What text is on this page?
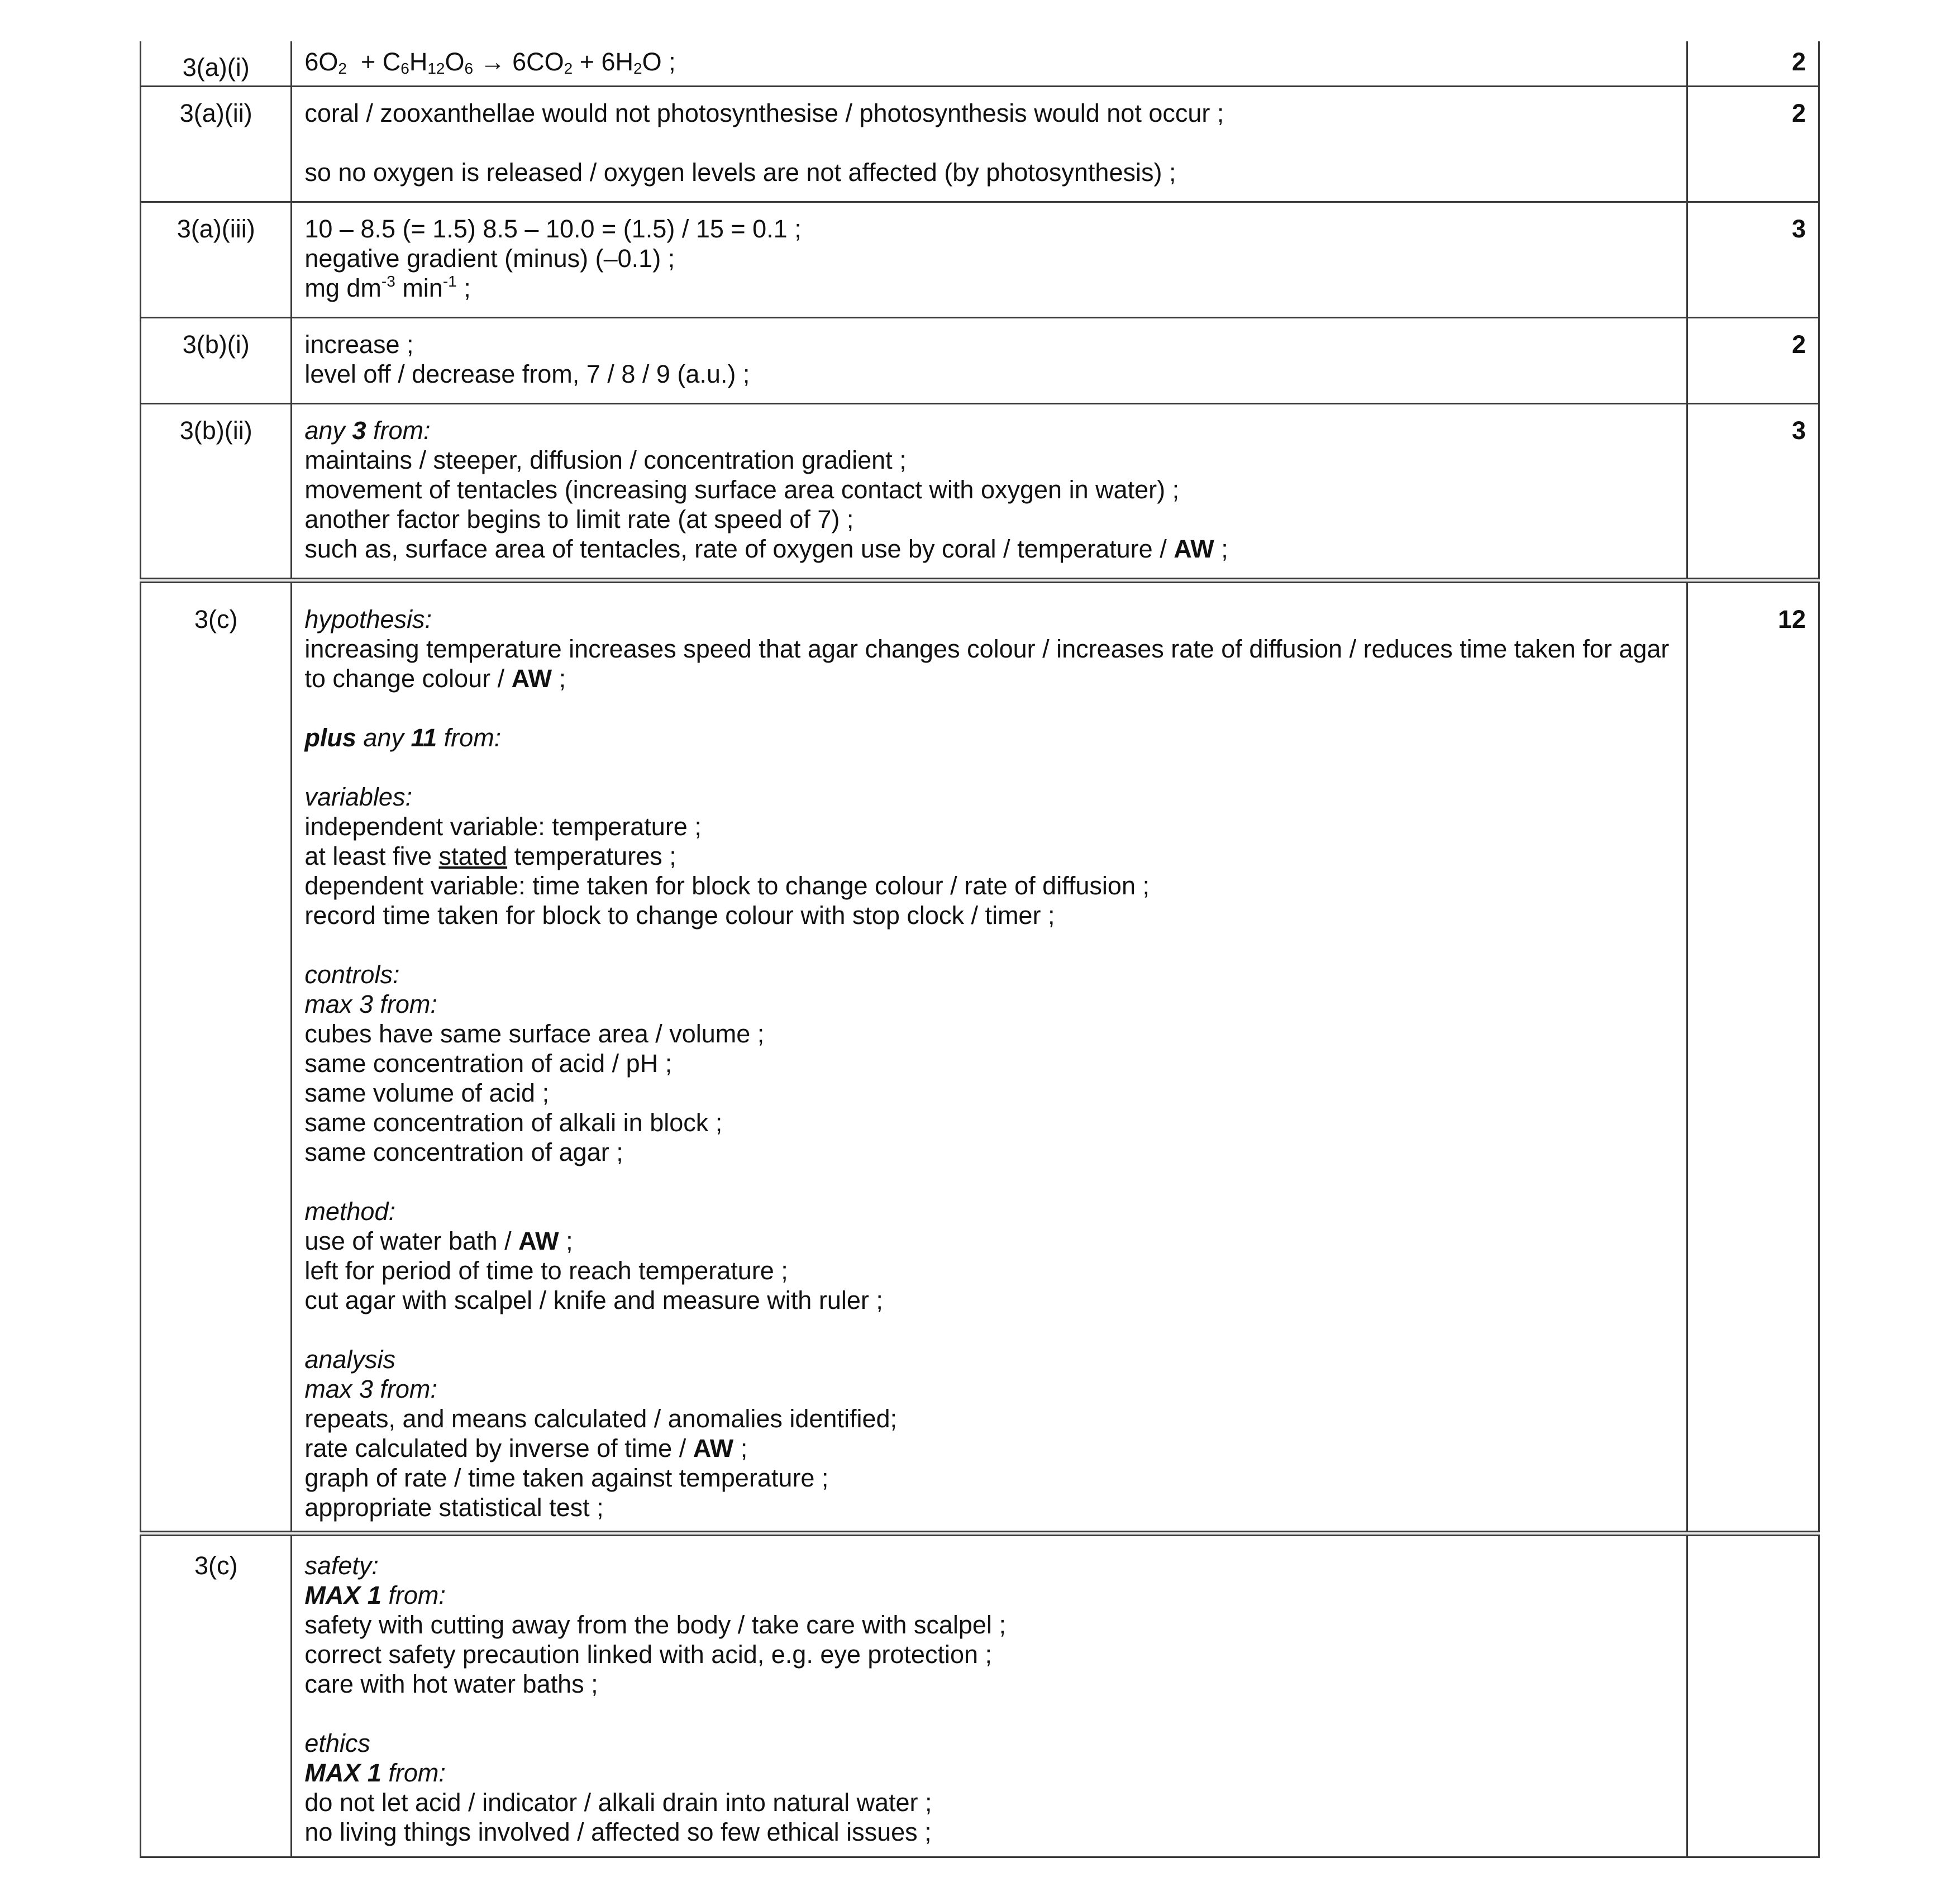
3(a)(i)	$6O_2 + C_6H_{12}O_6 \to 6CO_2 + 6H_2O$ ;	2
3(a)(ii)	coral / zooxanthellae would not photosynthesise / photosynthesis would not occur ;
so no oxygen is released / oxygen levels are not affected (by photosynthesis) ;	2
3(a)(iii)	10 – 8.5 (= 1.5) 8.5 – 10.0 = (1.5) / 15 = 0.1 ;
negative gradient (minus) (–0.1) ;
mg $dm^{-3}$ $\min^{-1}$ ;	3
3(b)(i)	increase ;
level off / decrease from, 7 / 8 / 9 (a.u.) ;	2
3(b)(ii)	any 3 from:
maintains / steeper, diffusion / concentration gradient ;
movement of tentacles (increasing surface area contact with oxygen in water) ;
another factor begins to limit rate (at speed of 7) ;
such as, surface area of tentacles, rate of oxygen use by coral / temperature / AW ;	3
3(c)	hypothesis:
increasing temperature increases speed that agar changes colour / increases rate of diffusion / reduces time taken for agar
to change colour / AW ;
plus any 11 from:
variables:
independent variable: temperature ;
at least five stated temperatures ;
dependent variable: time taken for block to change colour / rate of diffusion ;
record time taken for block to change colour with stop clock / timer ;
controls:
max 3 from:
cubes have same surface area / volume ;
same concentration of acid / pH ;
same volume of acid ;
same concentration of alkali in block ;
same concentration of agar ;
method:
use of water bath / AW ;
left for period of time to reach temperature ;
cut agar with scalpel / knife and measure with ruler ;
analysis
max 3 from:
repeats, and means calculated / anomalies identified;
rate calculated by inverse of time / AW ;
graph of rate / time taken against temperature ;
appropriate statistical test ;
	12
3(c)	safety:
MAX 1 from:
safety with cutting away from the body / take care with scalpel ;
correct safety precaution linked with acid, e.g. eye protection ;
care with hot water baths ;
ethics
MAX 1 from:
do not let acid / indicator / alkali drain into natural water ;
no living things involved / affected so few ethical issues ;
